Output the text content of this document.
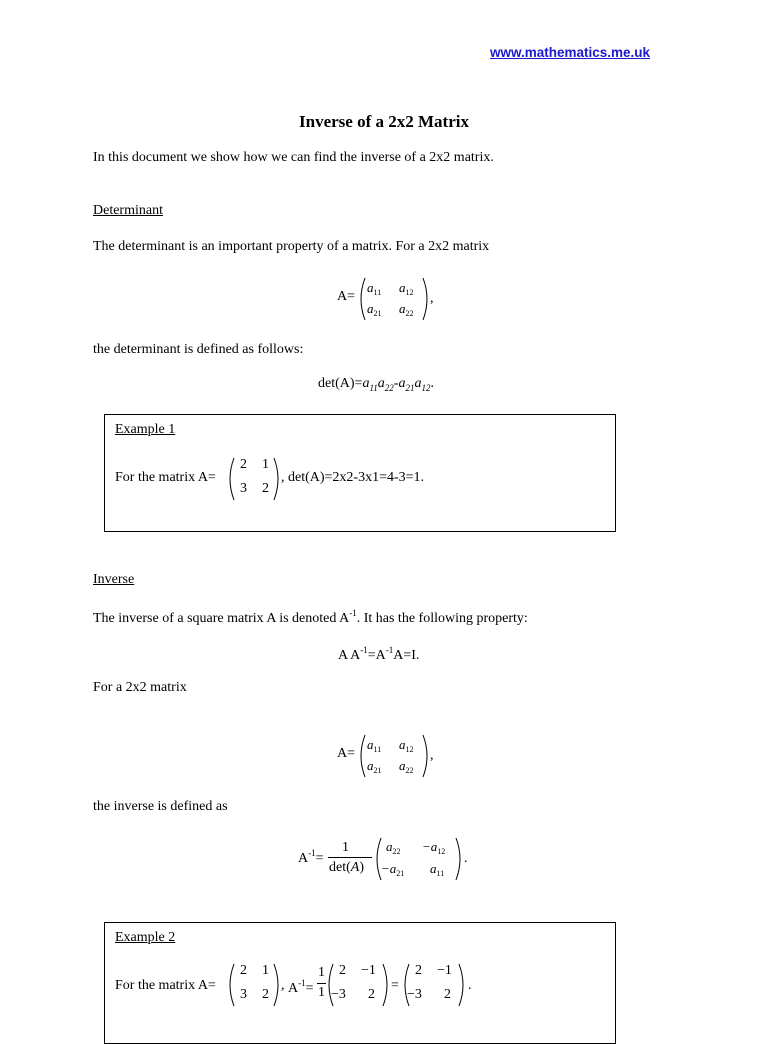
www.mathematics.me.uk
Inverse of a 2x2 Matrix
In this document we show how we can find the inverse of a 2x2 matrix.
Determinant
The determinant is an important property of a matrix. For a 2x2 matrix
A=
$a_{11}$ $a_{12}$
$a_{21}$ $a_{22}$
,
the determinant is defined as follows:
$\det(A)=a_{11}a_{22}-a_{21}a_{12}$.
Example 1
For the matrix A=
2 1
3 2
, det(A)=2x2-3x1=4-3=1.
Inverse
The inverse of a square matrix A is denoted $A^{-1}$. It has the following property:
A $A^{-1}=A^{-1}A=I$.
For a 2x2 matrix
A=
$a_{11}$ $a_{12}$
$a_{21}$ $a_{22}$
,
the inverse is defined as
$A^{-1}=$
1
det(A)
$a_{22} -a_{12}$
$-a_{21}$ $a_{11}$
.
Example 2
For the matrix A=
2 1
3 2
, $A^{-1}=$
1
1
2 −1
−3 2
=
2 −1
−3 2
.
